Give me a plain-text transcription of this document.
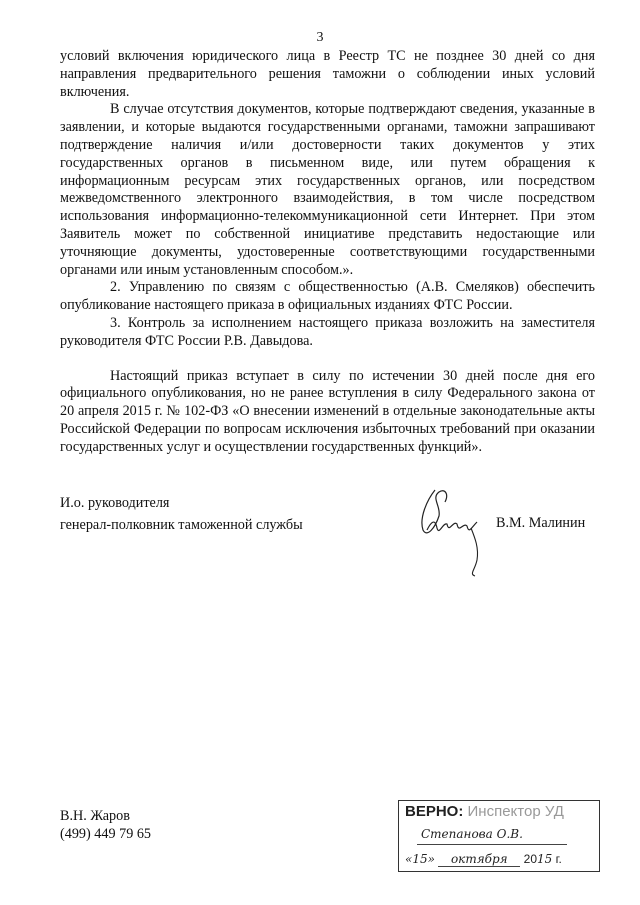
3

условий включения юридического лица в Реестр ТС не позднее 30 дней со дня направления предварительного решения таможни о соблюдении иных условий включения.

В случае отсутствия документов, которые подтверждают сведения, указанные в заявлении, и которые выдаются государственными органами, таможни запрашивают подтверждение наличия и/или достоверности таких документов у этих государственных органов в письменном виде, или путем обращения к информационным ресурсам этих государственных органов, или посредством межведомственного электронного взаимодействия, в том числе посредством использования информационно-телекоммуникационной сети Интернет. При этом Заявитель может по собственной инициативе представить недостающие или уточняющие документы, удостоверенные соответствующими государственными органами или иным установленным способом.».

2. Управлению по связям с общественностью (А.В. Смеляков) обеспечить опубликование настоящего приказа в официальных изданиях ФТС России.

3. Контроль за исполнением настоящего приказа возложить на заместителя руководителя ФТС России Р.В. Давыдова.

Настоящий приказ вступает в силу по истечении 30 дней после дня его официального опубликования, но не ранее вступления в силу Федерального закона от 20 апреля 2015 г. № 102-ФЗ «О внесении изменений в отдельные законодательные акты Российской Федерации по вопросам исключения избыточных требований при оказании государственных услуг и осуществлении государственных функций».

И.о. руководителя
генерал-полковник таможенной службы	В.М. Малинин
В.Н. Жаров
(499) 449 79 65
ВЕРНО: Инспектор УД
Степанова О.В.
«15» октября 2015 г.
